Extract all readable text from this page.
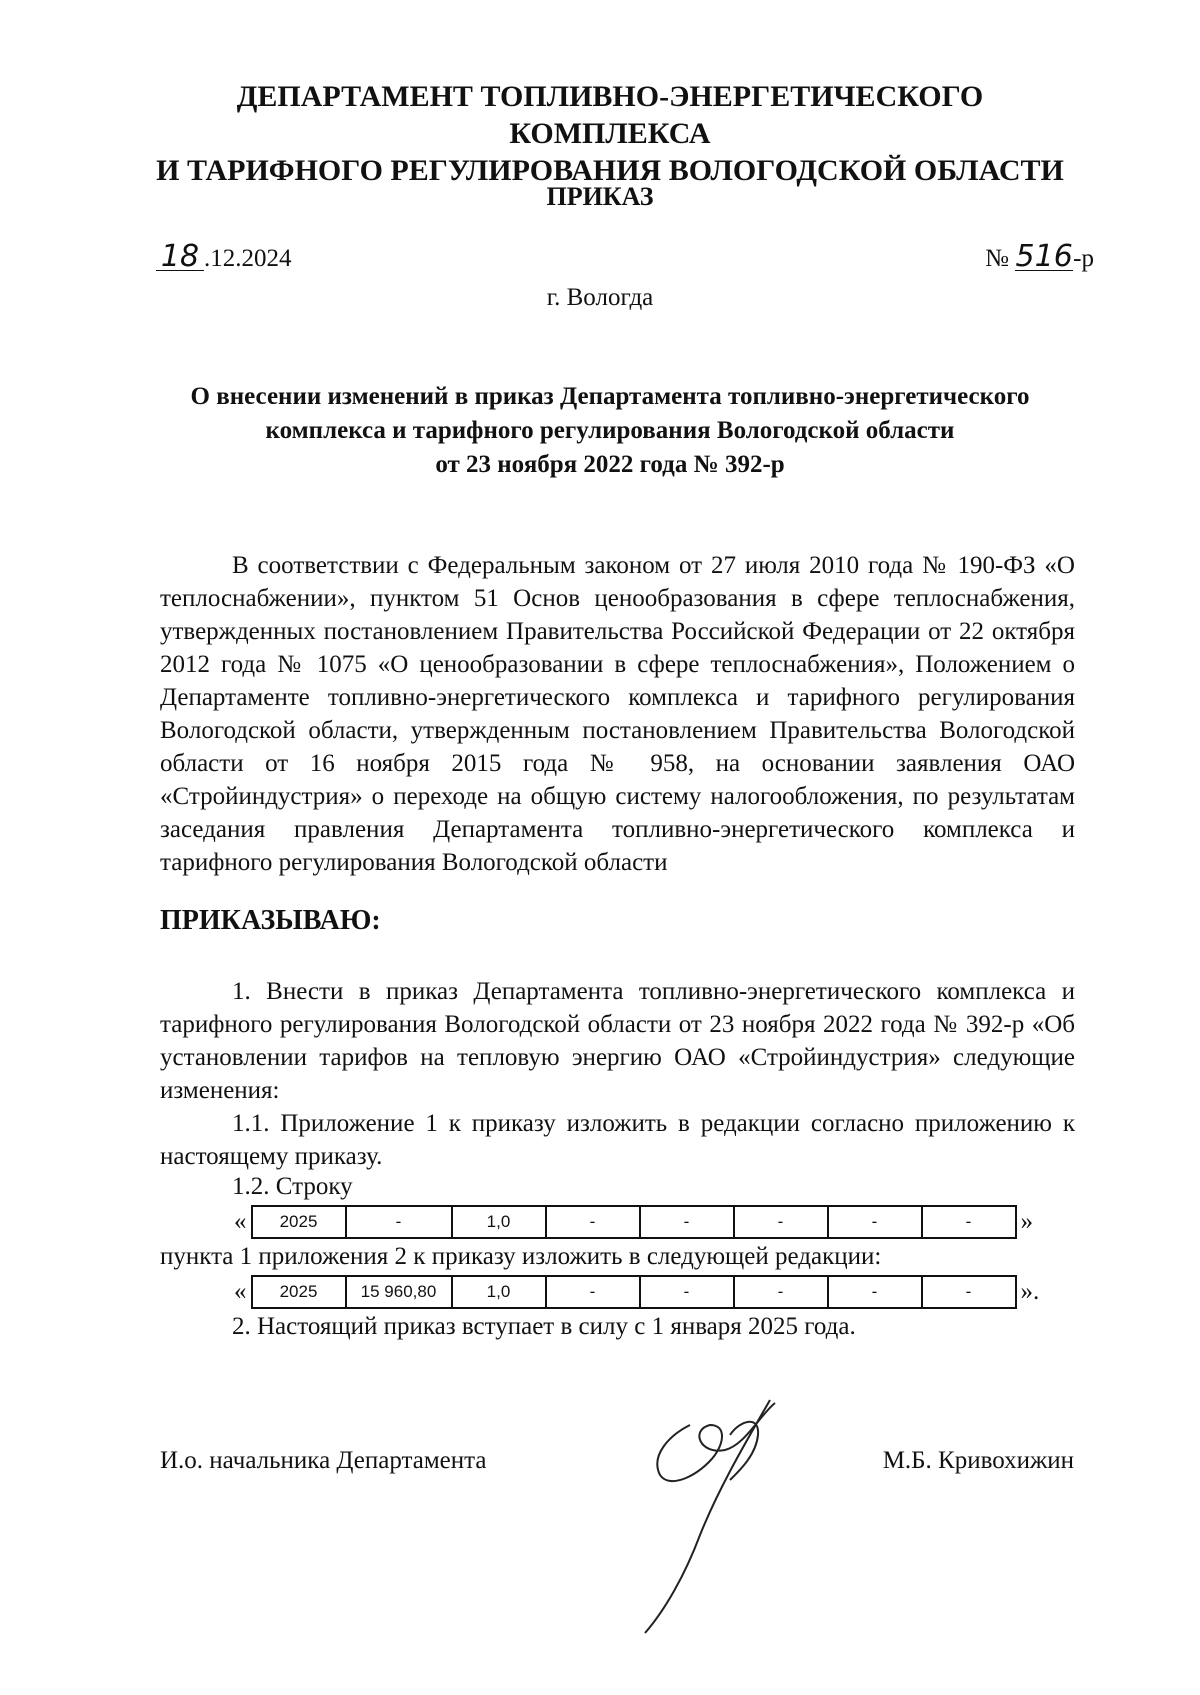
ДЕПАРТАМЕНТ ТОПЛИВНО-ЭНЕРГЕТИЧЕСКОГО КОМПЛЕКСА
И ТАРИФНОГО РЕГУЛИРОВАНИЯ ВОЛОГОДСКОЙ ОБЛАСТИ
ПРИКАЗ
18 .12.2024	№ 516-р
г. Вологда
О внесении изменений в приказ Департамента топливно-энергетического
комплекса и тарифного регулирования Вологодской области
от 23 ноября 2022 года № 392-р

В соответствии с Федеральным законом от 27 июля 2010 года № 190-ФЗ «О теплоснабжении», пунктом 51 Основ ценообразования в сфере теплоснабжения, утвержденных постановлением Правительства Российской Федерации от 22 октября 2012 года № 1075 «О ценообразовании в сфере теплоснабжения», Положением о Департаменте топливно-энергетического комплекса и тарифного регулирования Вологодской области, утвержденным постановлением Правительства Вологодской области от 16 ноября 2015 года № 958, на основании заявления ОАО «Стройиндустрия» о переходе на общую систему налогообложения, по результатам заседания правления Департамента топливно-энергетического комплекса и тарифного регулирования Вологодской области

ПРИКАЗЫВАЮ:

1. Внести в приказ Департамента топливно-энергетического комплекса и тарифного регулирования Вологодской области от 23 ноября 2022 года № 392-р «Об установлении тарифов на тепловую энергию ОАО «Стройиндустрия» следующие изменения:

1.1. Приложение 1 к приказу изложить в редакции согласно приложению к настоящему приказу.

1.2. Строку
« 2025	-	1,0	-	-	-	-	- »
пункта 1 приложения 2 к приказу изложить в следующей редакции:
« 2025	15 960,80	1,0	-	-	-	-	- ».
2. Настоящий приказ вступает в силу с 1 января 2025 года.
И.о. начальника Департамента	М.Б. Кривохижин
